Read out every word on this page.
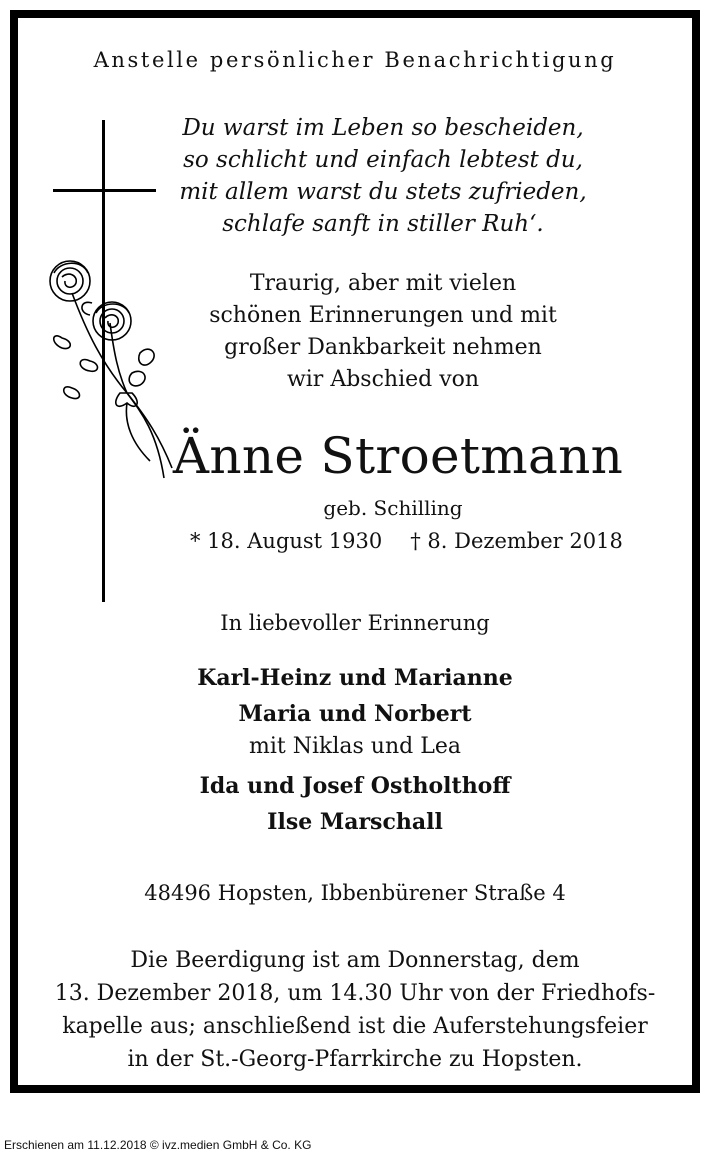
Anstelle persönlicher Benachrichtigung
Du warst im Leben so bescheiden,
so schlicht und einfach lebtest du,
mit allem warst du stets zufrieden,
schlafe sanft in stiller Ruh‘.
Traurig, aber mit vielen
schönen Erinnerungen und mit
großer Dankbarkeit nehmen
wir Abschied von
Änne Stroetmann
geb. Schilling
* 18. August 1930 † 8. Dezember 2018
In liebevoller Erinnerung
Karl-Heinz und Marianne
Maria und Norbert
mit Niklas und Lea
Ida und Josef Ostholthoff
Ilse Marschall
48496 Hopsten, Ibbenbürener Straße 4
Die Beerdigung ist am Donnerstag, dem
13. Dezember 2018, um 14.30 Uhr von der Friedhofs-
kapelle aus; anschließend ist die Auferstehungsfeier
in der St.-Georg-Pfarrkirche zu Hopsten.
Erschienen am 11.12.2018 © ivz.medien GmbH & Co. KG
